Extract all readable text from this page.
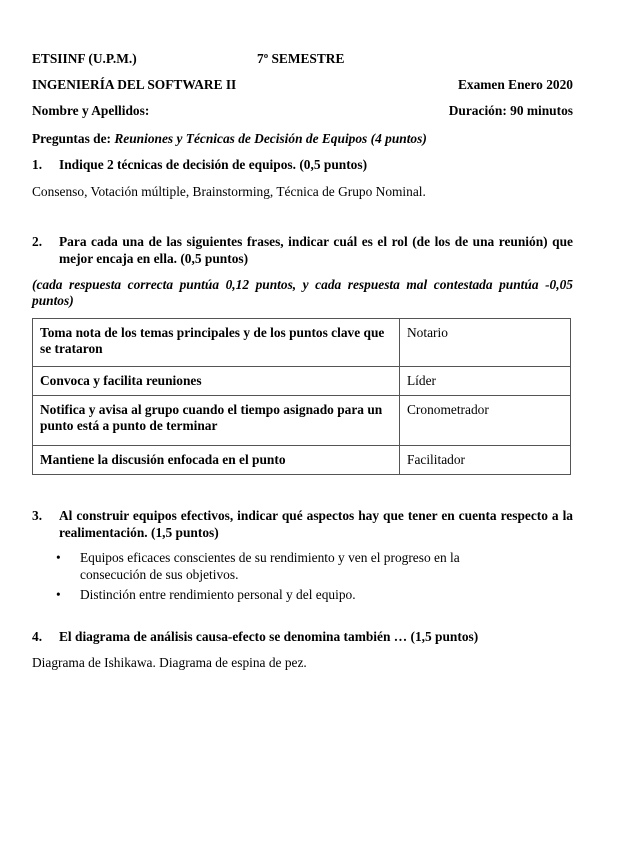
ETSIINF (U.P.M.)	7º SEMESTRE
INGENIERÍA DEL SOFTWARE II	Examen Enero 2020
Nombre y Apellidos:	Duración: 90 minutos
Preguntas de: Reuniones y Técnicas de Decisión de Equipos (4 puntos)
1.	Indique 2 técnicas de decisión de equipos. (0,5 puntos)
Consenso, Votación múltiple, Brainstorming, Técnica de Grupo Nominal.
2.	Para cada una de las siguientes frases, indicar cuál es el rol (de los de una reunión) que mejor encaja en ella. (0,5 puntos)
(cada respuesta correcta puntúa 0,12 puntos, y cada respuesta mal contestada puntúa -0,05 puntos)
Toma nota de los temas principales y de los puntos clave que se trataron	Notario
Convoca y facilita reuniones	Líder
Notifica y avisa al grupo cuando el tiempo asignado para un punto está a punto de terminar	Cronometrador
Mantiene la discusión enfocada en el punto	Facilitador
3.	Al construir equipos efectivos, indicar qué aspectos hay que tener en cuenta respecto a la realimentación. (1,5 puntos)
• Equipos eficaces conscientes de su rendimiento y ven el progreso en la consecución de sus objetivos.
• Distinción entre rendimiento personal y del equipo.
4.	El diagrama de análisis causa-efecto se denomina también … (1,5 puntos)
Diagrama de Ishikawa. Diagrama de espina de pez.
